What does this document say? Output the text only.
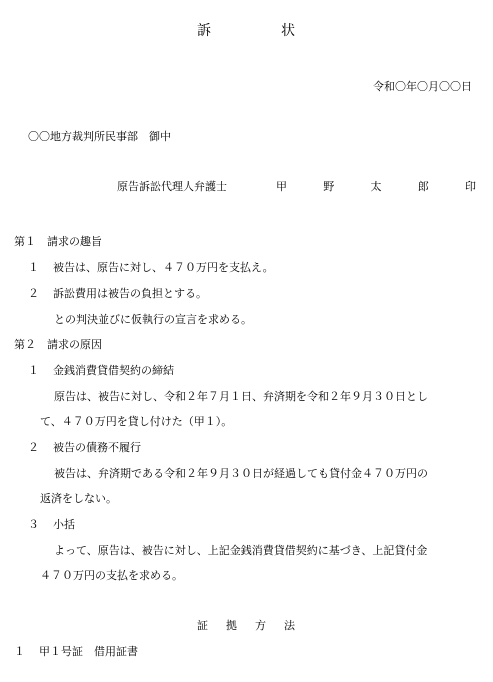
訴	状
令和〇年〇月〇〇日
〇〇地方裁判所民事部 御中
原告訴訟代理人弁護士	甲	野	太	郎	印
第１ 請求の趣旨
１ 被告は、原告に対し、４７０万円を支払え。
２ 訴訟費用は被告の負担とする。
との判決並びに仮執行の宣言を求める。
第２ 請求の原因
１ 金銭消費貸借契約の締結
原告は、被告に対し、令和２年７月１日、弁済期を令和２年９月３０日とし
て、４７０万円を貸し付けた（甲１）。
２ 被告の債務不履行
被告は、弁済期である令和２年９月３０日が経過しても貸付金４７０万円の
返済をしない。
３ 小括
よって、原告は、被告に対し、上記金銭消費貸借契約に基づき、上記貸付金
４７０万円の支払を求める。
証 拠 方 法
１ 甲１号証　借用証書
